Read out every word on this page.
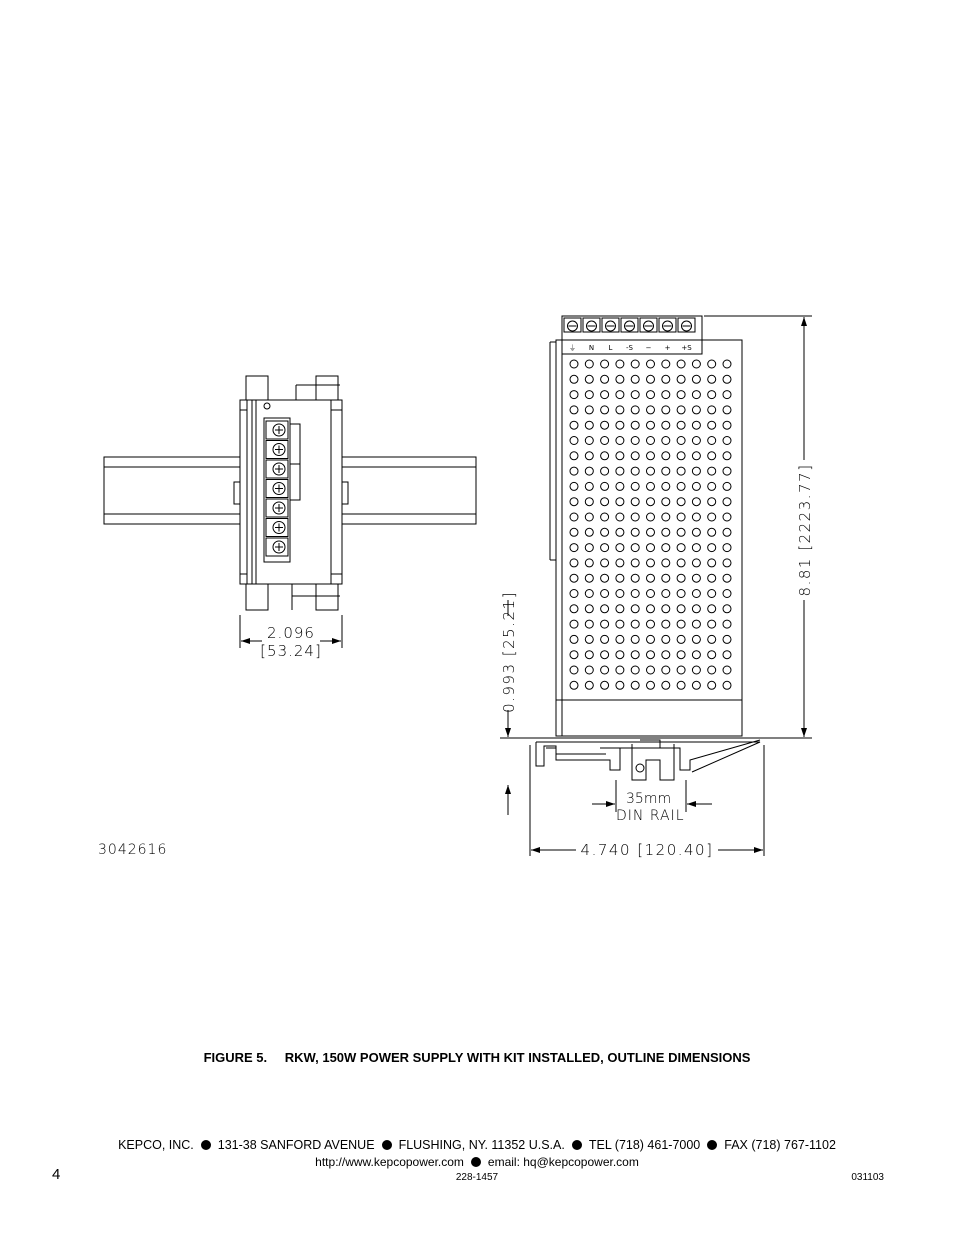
2.096
[53.24]
8.81 [2223.77]
0.993 [25.21]
35mm
DIN RAIL
4.740 [120.40]
3042616
⏚ N L -S − + +S
FIGURE 5. RKW, 150W POWER SUPPLY WITH KIT INSTALLED, OUTLINE DIMENSIONS
KEPCO, INC. 131-38 SANFORD AVENUE FLUSHING, NY. 11352 U.S.A. TEL (718) 461-7000 FAX (718) 767-1102
http://www.kepcopower.com email: hq@kepcopower.com
4	228-1457	031103
